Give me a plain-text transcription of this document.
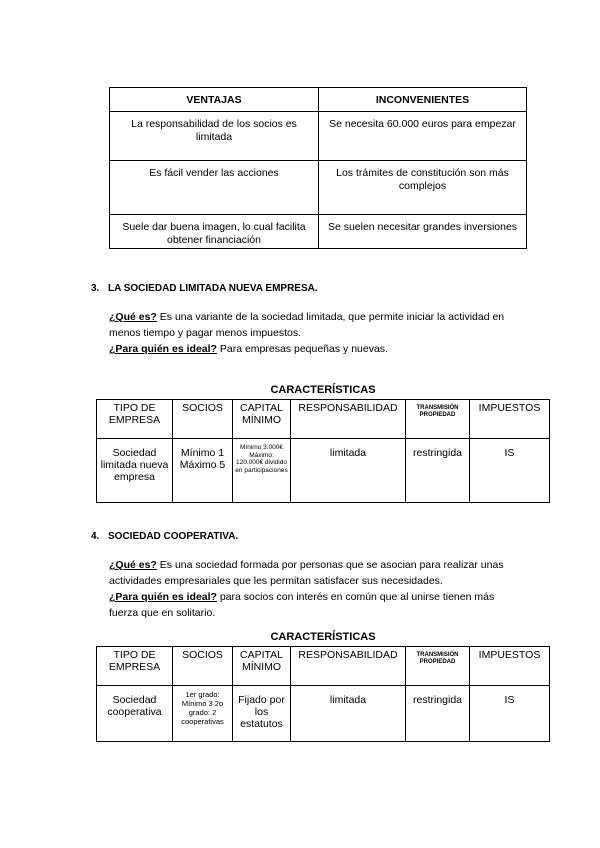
VENTAJAS	INCONVENIENTES
La responsabilidad de los socios es limitada	Se necesita 60.000 euros para empezar
Es fácil vender las acciones	Los trámites de constitución son más complejos
Suele dar buena imagen, lo cual facilita obtener financiación	Se suelen necesitar grandes inversiones
3. LA SOCIEDAD LIMITADA NUEVA EMPRESA.
¿Qué es? Es una variante de la sociedad limitada, que permite iniciar la actividad en
menos tiempo y pagar menos impuestos.
¿Para quién es ideal? Para empresas pequeñas y nuevas.
CARACTERÍSTICAS
TIPO DE EMPRESA	SOCIOS	CAPITAL MÍNIMO	RESPONSABILIDAD	TRANSMISIÓN PROPIEDAD	IMPUESTOS
Sociedad limitada nueva empresa	Mínimo 1 Máximo 5	Mínimo 3.000€ Máximo: 120.000€ dividido en participaciones	limitada	restringida	IS
4. SOCIEDAD COOPERATIVA.
¿Qué es? Es una sociedad formada por personas que se asocian para realizar unas
actividades empresariales que les permitan satisfacer sus necesidades.
¿Para quién es ideal? para socios con interés en común que al unirse tienen más
fuerza que en solitario.
CARACTERÍSTICAS
TIPO DE EMPRESA	SOCIOS	CAPITAL MÍNIMO	RESPONSABILIDAD	TRANSMISIÓN PROPIEDAD	IMPUESTOS
Sociedad cooperativa	1er grado: Mínimo 3 2o grado: 2 cooperativas	Fijado por los estatutos	limitada	restringida	IS
